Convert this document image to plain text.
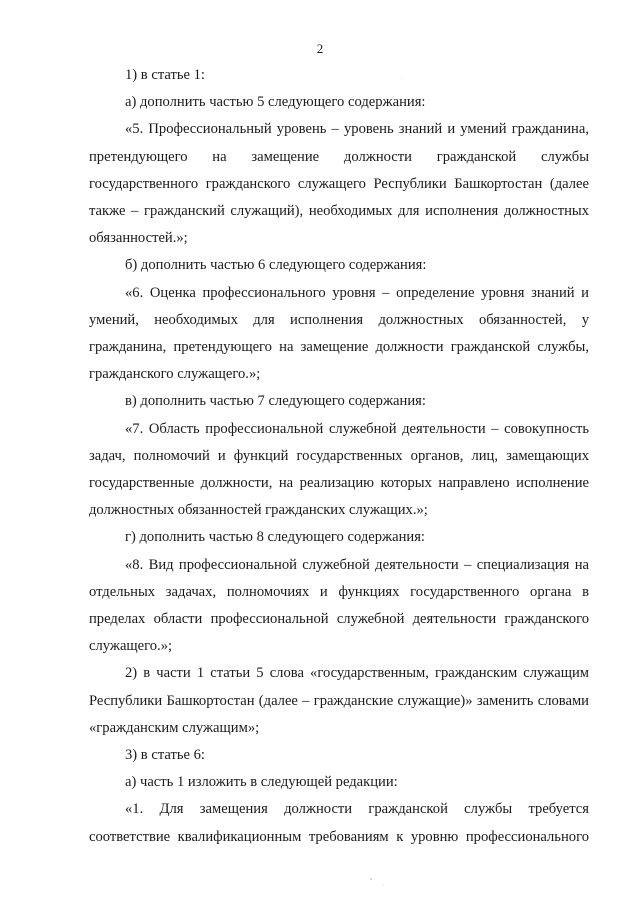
2

1) в статье 1:

а) дополнить частью 5 следующего содержания:

«5. Профессиональный уровень – уровень знаний и умений гражданина, претендующего на замещение должности гражданской службы государственного гражданского служащего Республики Башкортостан (далее также – гражданский служащий), необходимых для исполнения должностных обязанностей.»;

б) дополнить частью 6 следующего содержания:

«6. Оценка профессионального уровня – определение уровня знаний и умений, необходимых для исполнения должностных обязанностей, у гражданина, претендующего на замещение должности гражданской службы, гражданского служащего.»;

в) дополнить частью 7 следующего содержания:

«7. Область профессиональной служебной деятельности – совокупность задач, полномочий и функций государственных органов, лиц, замещающих государственные должности, на реализацию которых направлено исполнение должностных обязанностей гражданских служащих.»;

г) дополнить частью 8 следующего содержания:

«8. Вид профессиональной служебной деятельности – специализация на отдельных задачах, полномочиях и функциях государственного органа в пределах области профессиональной служебной деятельности гражданского служащего.»;

2) в части 1 статьи 5 слова «государственным, гражданским служащим Республики Башкортостан (далее – гражданские служащие)» заменить словами «гражданским служащим»;

3) в статье 6:

а) часть 1 изложить в следующей редакции:

«1. Для замещения должности гражданской службы требуется соответствие квалификационным требованиям к уровню профессионального
